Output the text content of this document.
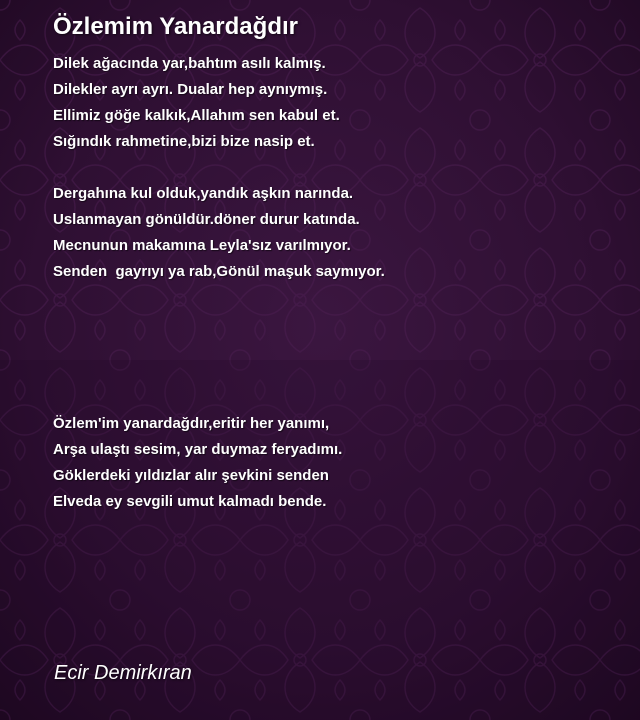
Özlemim Yanardağdır
Dilek ağacında yar,bahtım asılı kalmış.
Dilekler ayrı ayrı. Dualar hep aynıymış.
Ellimiz göğe kalkık,Allahım sen kabul et.
Sığındık rahmetine,bizi bize nasip et.
Dergahına kul olduk,yandık aşkın narında.
Uslanmayan gönüldür.döner durur katında.
Mecnunun makamına Leyla'sız varılmıyor.
Senden  gayrıyı ya rab,Gönül maşuk saymıyor.
Özlem'im yanardağdır,eritir her yanımı,
Arşa ulaştı sesim, yar duymaz feryadımı.
Göklerdeki yıldızlar alır şevkini senden
Elveda ey sevgili umut kalmadı bende.

Ecir Demirkıran
